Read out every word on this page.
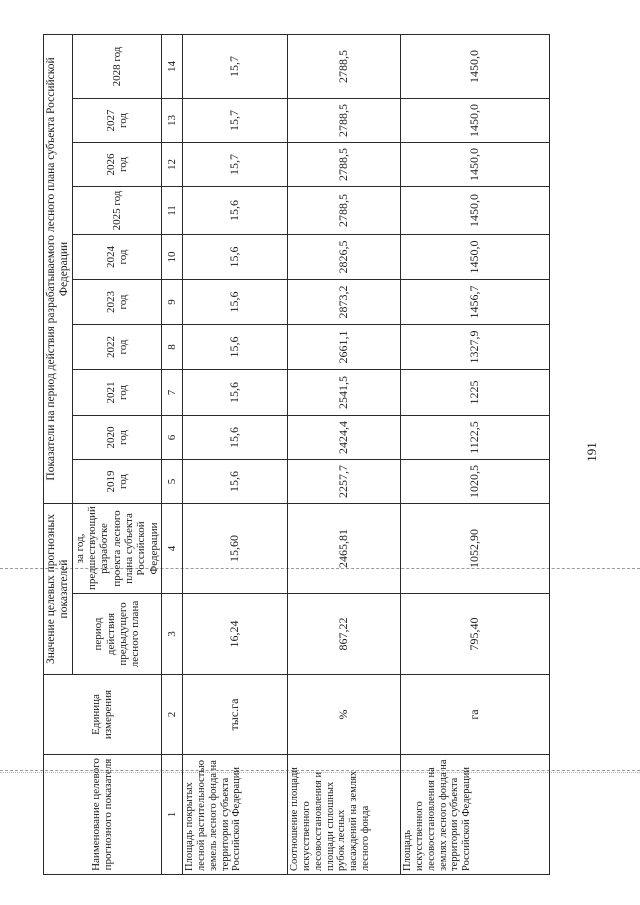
191
Наименование целевого прогнозного показателя	Единица измерения	Значение целевых прогнозных показателей		Показатели на период действия разрабатываемого лесного плана субъекта Российской Федерации									
				2019 год	2020 год	2021 год	2022 год	2023 год	2024 год	2025 год	2026 год	2027 год	2028 год
		период действия предыдущего лесного плана	за год, предшествующий разработке проекта лесного плана субъекта Российской Федерации										
1	2	3	4	5	6	7	8	9	10	11	12	13	14
Площадь покрытых лесной растительностью земель лесного фонда на территории субъекта Российской Федерации	тыс.га	16,24	15,60	15,6	15,6	15,6	15,6	15,6	15,6	15,6	15,7	15,7	15,7
Соотношение площади искусственного лесовосстановления и площади сплошных рубок лесных насаждений на землях лесного фонда	%	867,22	2465,81	2257,7	2424,4	2541,5	2661,1	2873,2	2826,5	2788,5	2788,5	2788,5	2788,5
Площадь искусственного лесовосстановления на землях лесного фонда на территории субъекта Российской Федерации	га	795,40	1052,90	1020,5	1122,5	1225	1327,9	1456,7	1450,0	1450,0	1450,0	1450,0	1450,0
